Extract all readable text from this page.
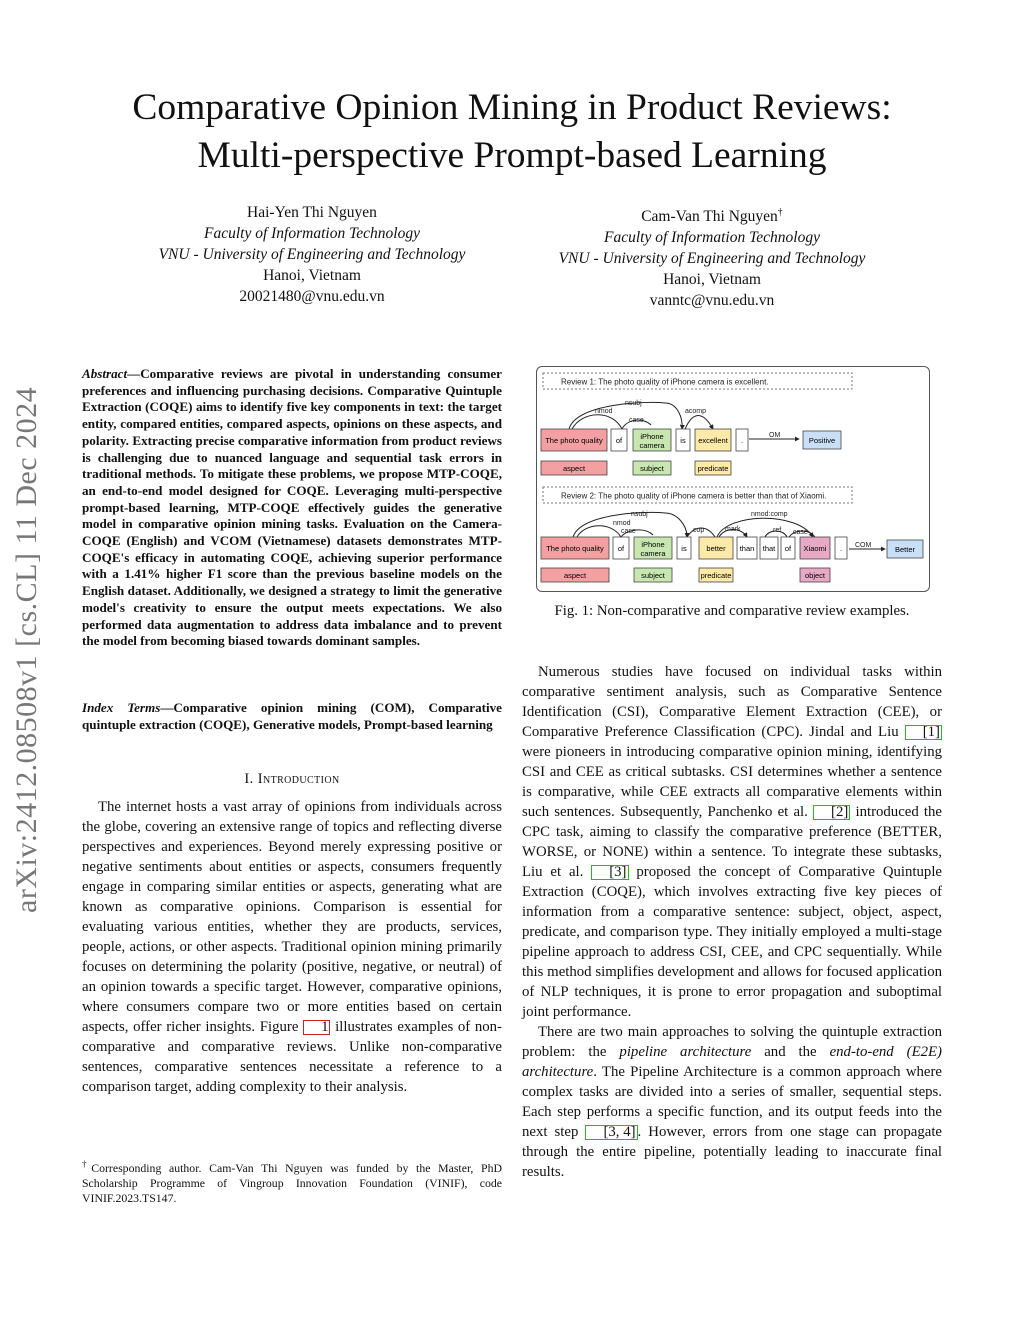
Comparative Opinion Mining in Product Reviews:
Multi-perspective Prompt-based Learning
Hai-Yen Thi Nguyen
Faculty of Information Technology
VNU - University of Engineering and Technology
Hanoi, Vietnam
20021480@vnu.edu.vn
Cam-Van Thi Nguyen†
Faculty of Information Technology
VNU - University of Engineering and Technology
Hanoi, Vietnam
vanntc@vnu.edu.vn
arXiv:2412.08508v1 [cs.CL] 11 Dec 2024
Abstract—Comparative reviews are pivotal in understanding consumer preferences and influencing purchasing decisions. Comparative Quintuple Extraction (COQE) aims to identify five key components in text: the target entity, compared entities, compared aspects, opinions on these aspects, and polarity. Extracting precise comparative information from product reviews is challenging due to nuanced language and sequential task errors in traditional methods. To mitigate these problems, we propose MTP-COQE, an end-to-end model designed for COQE. Leveraging multi-perspective prompt-based learning, MTP-COQE effectively guides the generative model in comparative opinion mining tasks. Evaluation on the Camera-COQE (English) and VCOM (Vietnamese) datasets demonstrates MTP-COQE's efficacy in automating COQE, achieving superior performance with a 1.41% higher F1 score than the previous baseline models on the English dataset. Additionally, we designed a strategy to limit the generative model's creativity to ensure the output meets expectations. We also performed data augmentation to address data imbalance and to prevent the model from becoming biased towards dominant samples.
Index Terms—Comparative opinion mining (COM), Comparative quintuple extraction (COQE), Generative models, Prompt-based learning
I. Introduction

The internet hosts a vast array of opinions from individuals across the globe, covering an extensive range of topics and reflecting diverse perspectives and experiences. Beyond merely expressing positive or negative sentiments about entities or aspects, consumers frequently engage in comparing similar entities or aspects, generating what are known as comparative opinions. Comparison is essential for evaluating various entities, whether they are products, services, people, actions, or other aspects. Traditional opinion mining primarily focuses on determining the polarity (positive, negative, or neutral) of an opinion towards a specific target. However, comparative opinions, where consumers compare two or more entities based on certain aspects, offer richer insights. Figure 1 illustrates examples of non-comparative and comparative reviews. Unlike non-comparative sentences, comparative sentences necessitate a reference to a comparison target, adding complexity to their analysis.

†Corresponding author. Cam-Van Thi Nguyen was funded by the Master, PhD Scholarship Programme of Vingroup Innovation Foundation (VINIF), code VINIF.2023.TS147.
Review 1: The photo quality of iPhone camera is excellent.
nsubj
nmod
case
acomp
OM
The photo quality of iPhone
camera
is excellent .	Positive
aspect	subject	predicate
Review 2: The photo quality of iPhone camera is better than that of Xiaomi.
nsubj
nmod
case	cop	mark
nmod:comp
ref case
COM
The photo quality of iPhone
camera
is	better than that of Xiaomi .	Better
aspect	subject	predicate	object
Fig. 1: Non-comparative and comparative review examples.

Numerous studies have focused on individual tasks within comparative sentiment analysis, such as Comparative Sentence Identification (CSI), Comparative Element Extraction (CEE), or Comparative Preference Classification (CPC). Jindal and Liu [1] were pioneers in introducing comparative opinion mining, identifying CSI and CEE as critical subtasks. CSI determines whether a sentence is comparative, while CEE extracts all comparative elements within such sentences. Subsequently, Panchenko et al. [2] introduced the CPC task, aiming to classify the comparative preference (BETTER, WORSE, or NONE) within a sentence. To integrate these subtasks, Liu et al. [3] proposed the concept of Comparative Quintuple Extraction (COQE), which involves extracting five key pieces of information from a comparative sentence: subject, object, aspect, predicate, and comparison type. They initially employed a multi-stage pipeline approach to address CSI, CEE, and CPC sequentially. While this method simplifies development and allows for focused application of NLP techniques, it is prone to error propagation and suboptimal joint performance.

There are two main approaches to solving the quintuple extraction problem: the pipeline architecture and the end-to-end (E2E) architecture. The Pipeline Architecture is a common approach where complex tasks are divided into a series of smaller, sequential steps. Each step performs a specific function, and its output feeds into the next step [3, 4] . However, errors from one stage can propagate through the entire pipeline, potentially leading to inaccurate final results.
